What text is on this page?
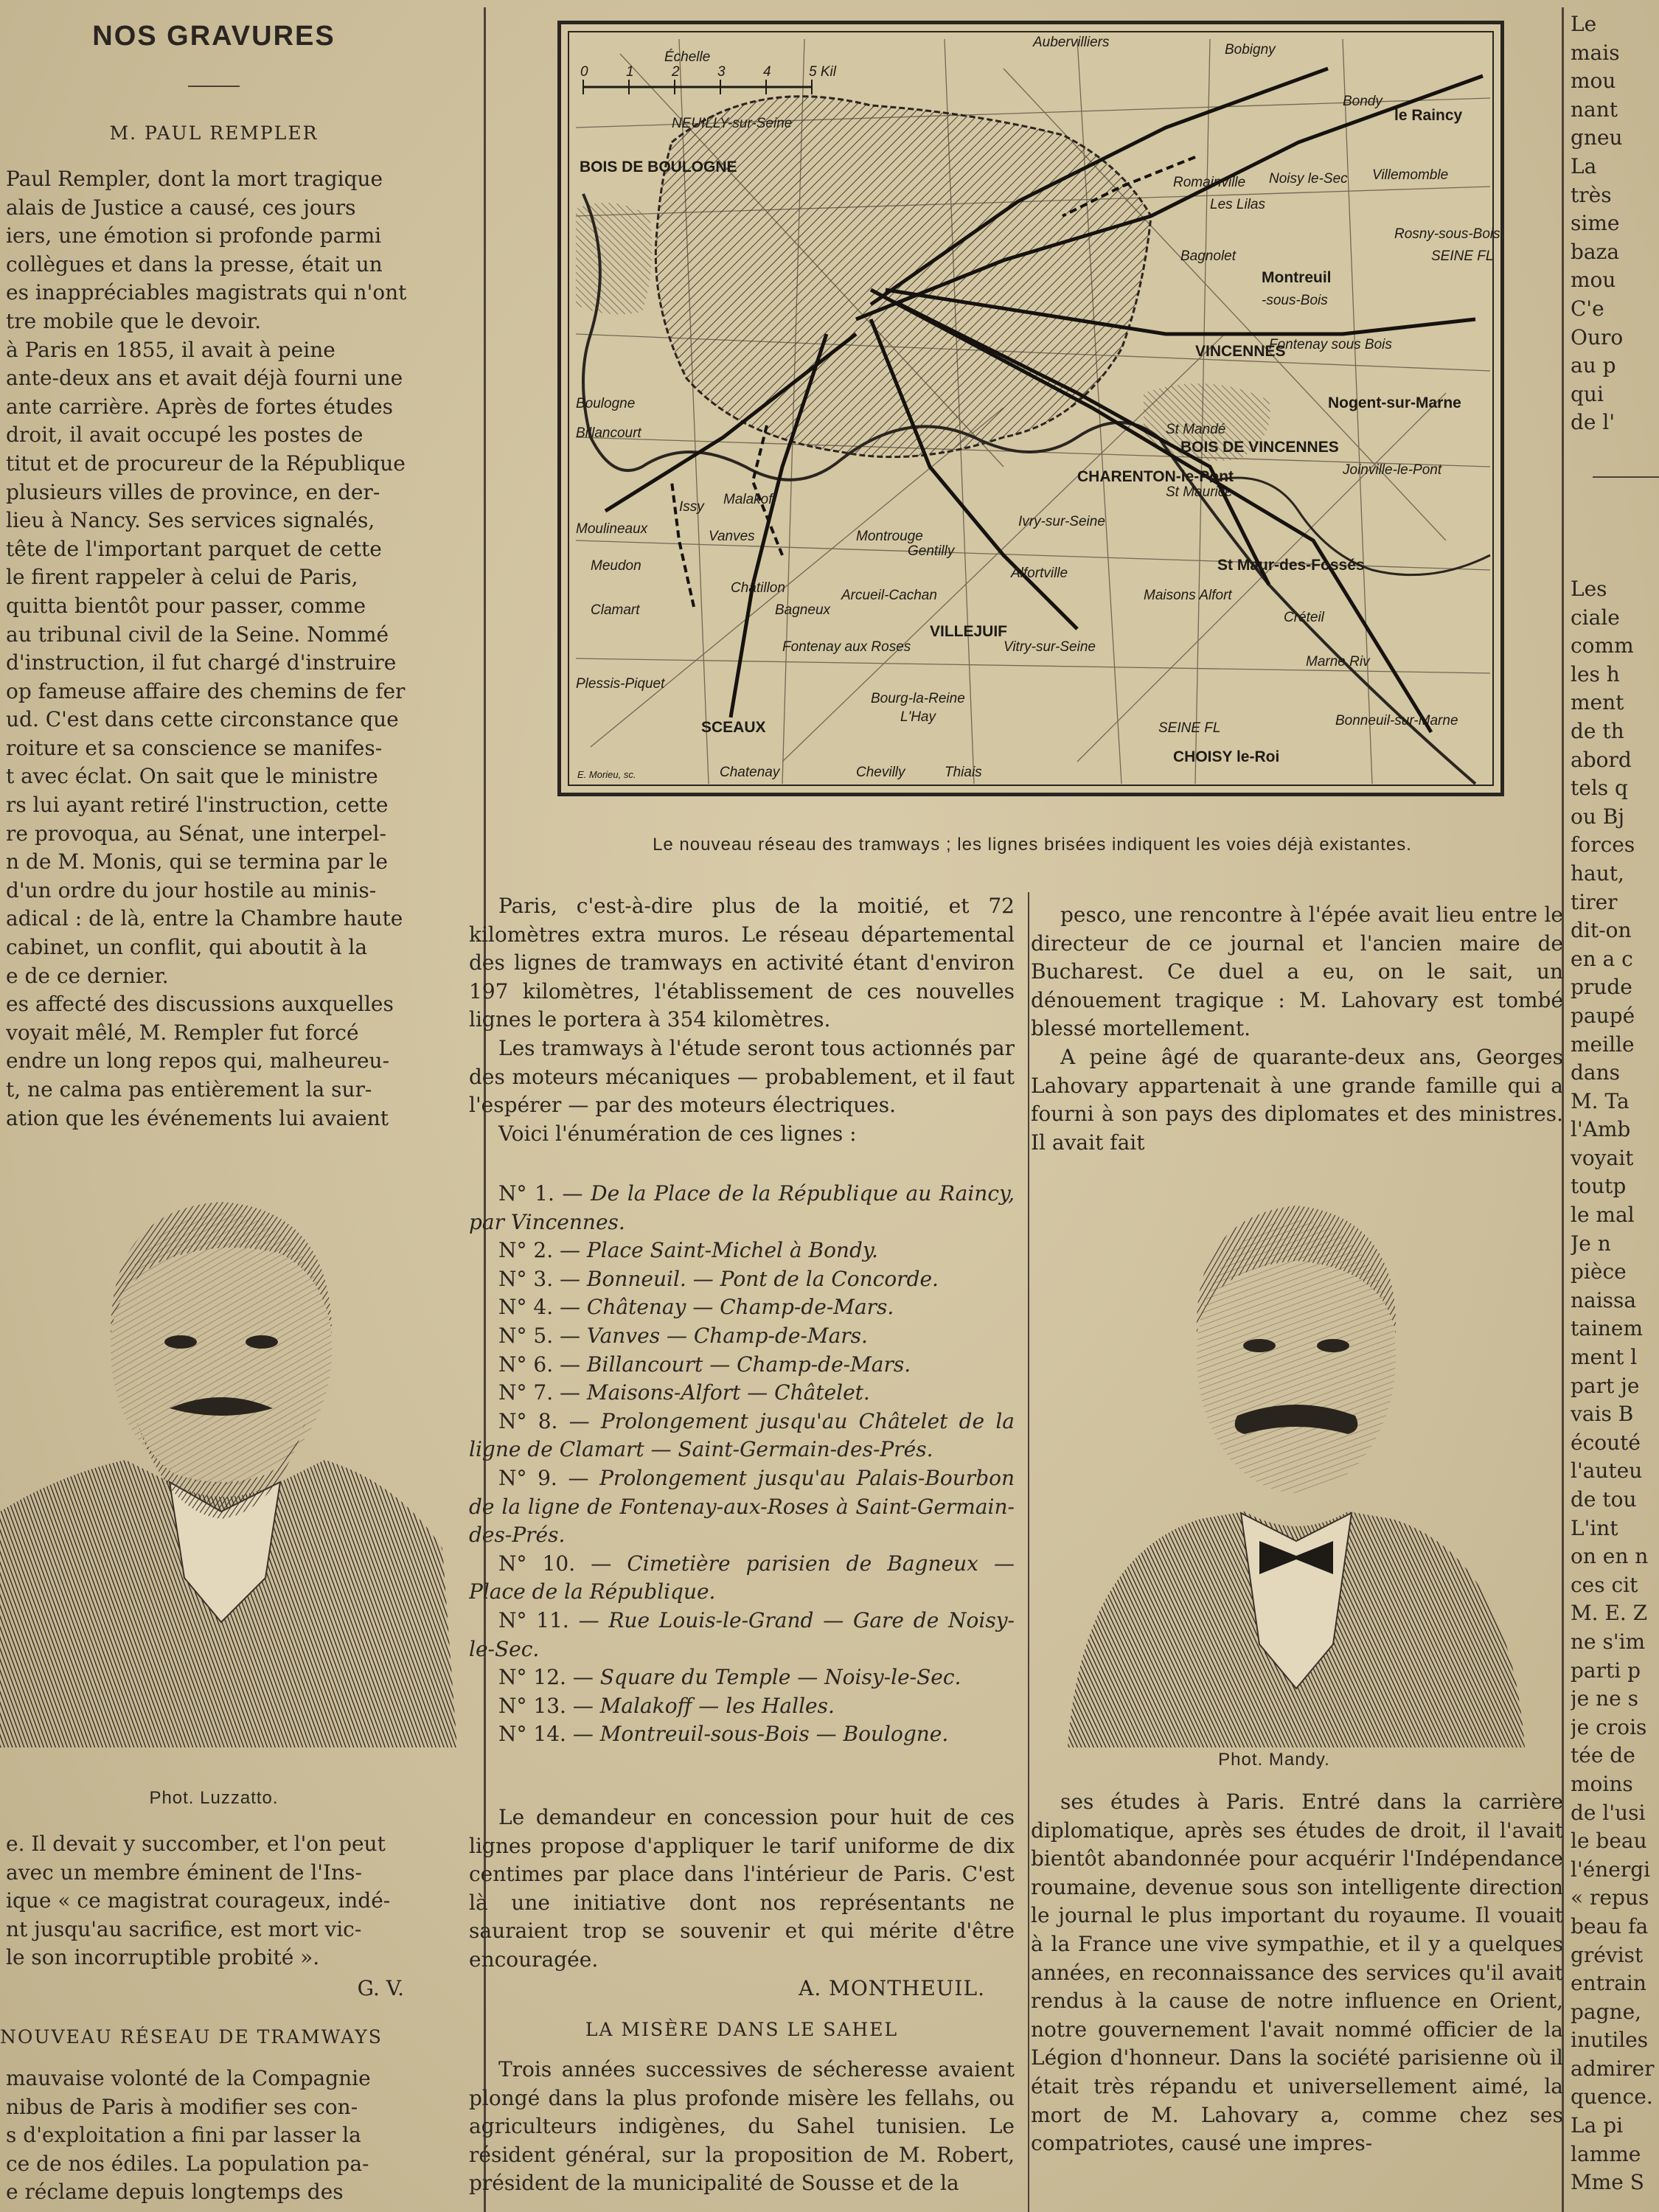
NOS GRAVURES
M. PAUL REMPLER

Paul Rempler, dont la mort tragique

alais de Justice a causé, ces jours

iers, une émotion si profonde parmi

collègues et dans la presse, était un

es inappréciables magistrats qui n'ont

tre mobile que le devoir.

à Paris en 1855, il avait à peine

ante-deux ans et avait déjà fourni une

ante carrière. Après de fortes études

droit, il avait occupé les postes de

titut et de procureur de la République

plusieurs villes de province, en der-

lieu à Nancy. Ses services signalés,

tête de l'important parquet de cette

le firent rappeler à celui de Paris,

quitta bientôt pour passer, comme

au tribunal civil de la Seine. Nommé

d'instruction, il fut chargé d'instruire

op fameuse affaire des chemins de fer

ud. C'est dans cette circonstance que

roiture et sa conscience se manifes-

t avec éclat. On sait que le ministre

rs lui ayant retiré l'instruction, cette

re provoqua, au Sénat, une interpel-

n de M. Monis, qui se termina par le

d'un ordre du jour hostile au minis-

adical : de là, entre la Chambre haute

cabinet, un conflit, qui aboutit à la

e de ce dernier.

es affecté des discussions auxquelles

voyait mêlé, M. Rempler fut forcé

endre un long repos qui, malheureu-

t, ne calma pas entièrement la sur-

ation que les événements lui avaient

Phot. Luzzatto.

e. Il devait y succomber, et l'on peut

avec un membre éminent de l'Ins-

ique « ce magistrat courageux, indé-

nt jusqu'au sacrifice, est mort vic-

le son incorruptible probité ».

G. V.
NOUVEAU RÉSEAU DE TRAMWAYS

mauvaise volonté de la Compagnie

nibus de Paris à modifier ses con-

s d'exploitation a fini par lasser la

ce de nos édiles. La population pa-

e réclame depuis longtemps des

Échelle
0	1	2	3	4	5 Kil
Aubervilliers	Bobigny
Bondy
le Raincy
NEUILLY-sur-Seine
Villemomble
Romainville Noisy le-Sec
Les Lilas
Rosny-sous-Bois
Bagnolet
Montreuil
-sous-Bois
VINCENNES
Fontenay sous Bois
BOIS DE BOULOGNE
Boulogne
Billancourt
Nogent-sur-Marne
BOIS DE VINCENNES
St Mandé
Joinville-le-Pont
CHARENTON-le-Pont
St Maurice
Issy Malakoff
Moulineaux	Vanves
Meudon
Ivry-sur-Seine
Montrouge
Gentilly
Alfortville	St Maur-des-Fossés
Clamart
Châtillon
Bagneux
Arcueil-Cachan	Maisons Alfort
Créteil
VILLEJUIF
Fontenay aux Roses	Vitry-sur-Seine
Marne Riv
Plessis-Piquet
Bourg-la-Reine
L'Hay
SCEAUX	Bonneuil-sur-Marne
Chatenay	Chevilly	Thiais
CHOISY le-Roi
SEINE FL
SEINE FL
E. Morieu, sc.
Le nouveau réseau des tramways ; les lignes brisées indiquent les voies déjà existantes.

Paris, c'est-à-dire plus de la moitié, et 72 kilomètres extra muros. Le réseau départemental des lignes de tramways en activité étant d'environ 197 kilomètres, l'établissement de ces nouvelles lignes le portera à 354 kilomètres.

Les tramways à l'étude seront tous actionnés par des moteurs mécaniques — probablement, et il faut l'espérer — par des moteurs électriques.

Voici l'énumération de ces lignes :

N° 1. — De la Place de la République au Raincy, par Vincennes.

N° 2. — Place Saint-Michel à Bondy.

N° 3. — Bonneuil. — Pont de la Concorde.

N° 4. — Châtenay — Champ-de-Mars.

N° 5. — Vanves — Champ-de-Mars.

N° 6. — Billancourt — Champ-de-Mars.

N° 7. — Maisons-Alfort — Châtelet.

N° 8. — Prolongement jusqu'au Châtelet de la ligne de Clamart — Saint-Germain-des-Prés.

N° 9. — Prolongement jusqu'au Palais-Bourbon de la ligne de Fontenay-aux-Roses à Saint-Germain-des-Prés.

N° 10. — Cimetière parisien de Bagneux — Place de la République.

N° 11. — Rue Louis-le-Grand — Gare de Noisy-le-Sec.

N° 12. — Square du Temple — Noisy-le-Sec.

N° 13. — Malakoff — les Halles.

N° 14. — Montreuil-sous-Bois — Boulogne.

Le demandeur en concession pour huit de ces lignes propose d'appliquer le tarif uniforme de dix centimes par place dans l'intérieur de Paris. C'est là une initiative dont nos représentants ne sauraient trop se souvenir et qui mérite d'être encouragée.
A. MONTHEUIL.
LA MISÈRE DANS LE SAHEL
Trois années successives de sécheresse avaient plongé dans la plus profonde misère les fellahs, ou agriculteurs indigènes, du Sahel tunisien. Le résident général, sur la proposition de M. Robert, président de la municipalité de Sousse et de la

pesco, une rencontre à l'épée avait lieu entre le directeur de ce journal et l'ancien maire de Bucharest. Ce duel a eu, on le sait, un dénouement tragique : M. Lahovary est tombé blessé mortellement.

A peine âgé de quarante-deux ans, Georges Lahovary appartenait à une grande famille qui a fourni à son pays des diplomates et des ministres. Il avait fait

Phot. Mandy.
ses études à Paris. Entré dans la carrière diplomatique, après ses études de droit, il l'avait bientôt abandonnée pour acquérir l'Indépendance roumaine, devenue sous son intelligente direction le journal le plus important du royaume. Il vouait à la France une vive sympathie, et il y a quelques années, en reconnaissance des services qu'il avait rendus à la cause de notre influence en Orient, notre gouvernement l'avait nommé officier de la Légion d'honneur. Dans la société parisienne où il était très répandu et universellement aimé, la mort de M. Lahovary a, comme chez ses compatriotes, causé une impres-

Le

mais

mou

nant

gneu

La

très

sime

baza

mou

C'e

Ouro

au p

qui

de l'

Les

ciale

comm

les h

ment

de th

abord

tels q

ou Bj

forces

haut,

tirer

dit-on

en a c

prude

paupé

meille

dans

M. Ta

l'Amb

voyait

toutp

le mal

Je n

pièce

naissa

tainem

ment l

part je

vais B

écouté

l'auteu

de tou

L'int

on en n

ces cit

M. E. Z

ne s'im

parti p

je ne s

je crois

tée de

moins

de l'usi

le beau

l'énergi

« repus

beau fa

grévist

entrain

pagne,

inutiles

admirer

quence.

La pi

lamme

Mme S
